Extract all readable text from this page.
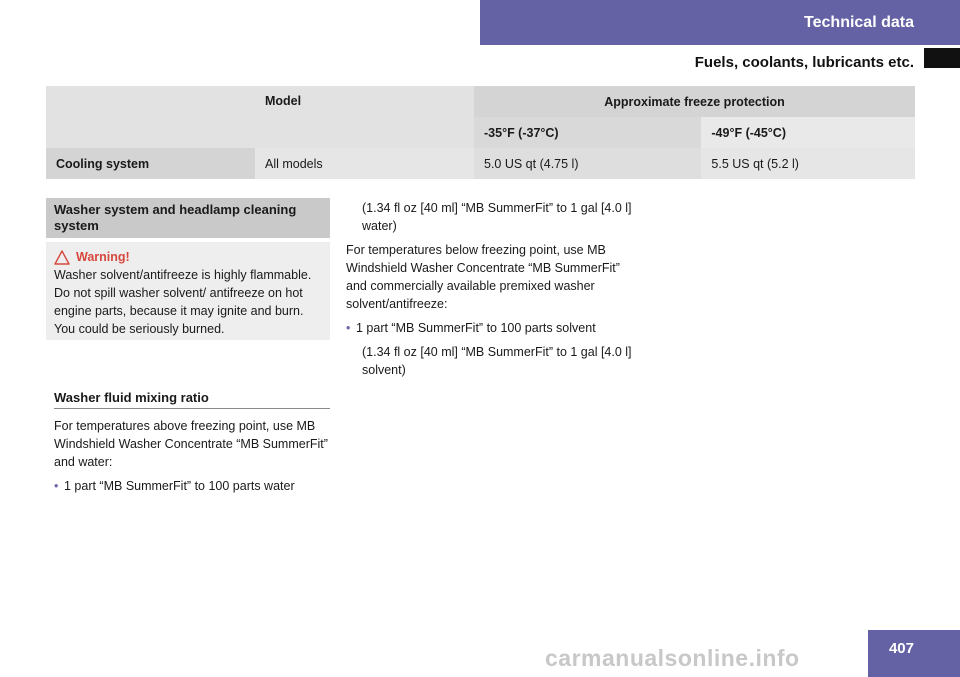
Technical data
Fuels, coolants, lubricants etc.
	Model	Approximate freeze protection	
		-35°F (-37°C)	-49°F (-45°C)
Cooling system	All models	5.0 US qt (4.75 l)	5.5 US qt (5.2 l)
Washer system and headlamp cleaning system
Warning!
Washer solvent/antifreeze is highly flammable. Do not spill washer solvent/ antifreeze on hot engine parts, because it may ignite and burn. You could be seriously burned.
Washer fluid mixing ratio
For temperatures above freezing point, use MB Windshield Washer Concentrate “MB SummerFit” and water:
• 1 part “MB SummerFit” to 100 parts water
(1.34 fl oz [40 ml] “MB SummerFit” to 1 gal [4.0 l] water)
For temperatures below freezing point, use MB Windshield Washer Concentrate “MB SummerFit” and commercially available premixed washer solvent/antifreeze:
• 1 part “MB SummerFit” to 100 parts solvent
(1.34 fl oz [40 ml] “MB SummerFit” to 1 gal [4.0 l] solvent)
407
carmanualsonline.info
